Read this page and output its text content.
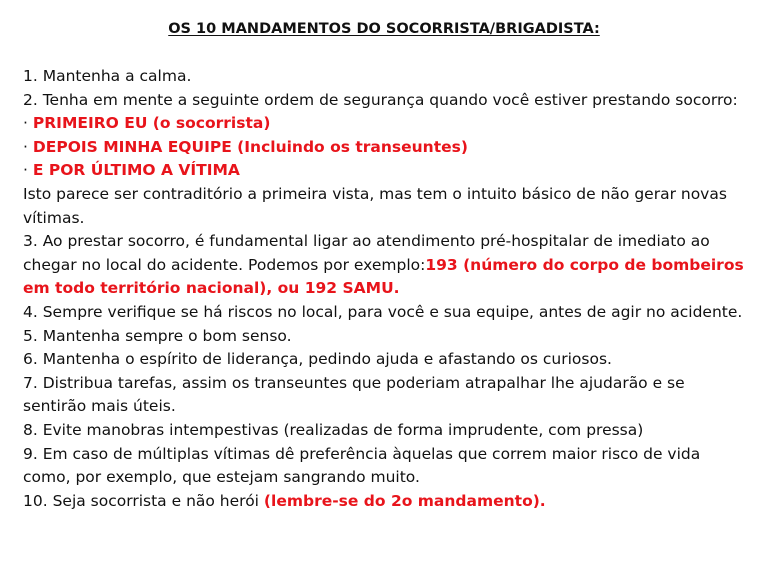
OS 10 MANDAMENTOS DO SOCORRISTA/BRIGADISTA:
1. Mantenha a calma.
2. Tenha em mente a seguinte ordem de segurança quando você estiver prestando socorro:
· PRIMEIRO EU (o socorrista)
· DEPOIS MINHA EQUIPE (Incluindo os transeuntes)
· E POR ÚLTIMO A VÍTIMA
Isto parece ser contraditório a primeira vista, mas tem o intuito básico de não gerar novas
vítimas.
3. Ao prestar socorro, é fundamental ligar ao atendimento pré-hospitalar de imediato ao
chegar no local do acidente. Podemos por exemplo:193 (número do corpo de bombeiros
em todo território nacional), ou 192 SAMU.
4. Sempre verifique se há riscos no local, para você e sua equipe, antes de agir no acidente.
5. Mantenha sempre o bom senso.
6. Mantenha o espírito de liderança, pedindo ajuda e afastando os curiosos.
7. Distribua tarefas, assim os transeuntes que poderiam atrapalhar lhe ajudarão e se
sentirão mais úteis.
8. Evite manobras intempestivas (realizadas de forma imprudente, com pressa)
9. Em caso de múltiplas vítimas dê preferência àquelas que correm maior risco de vida
como, por exemplo, que estejam sangrando muito.
10. Seja socorrista e não herói (lembre-se do 2o mandamento).
